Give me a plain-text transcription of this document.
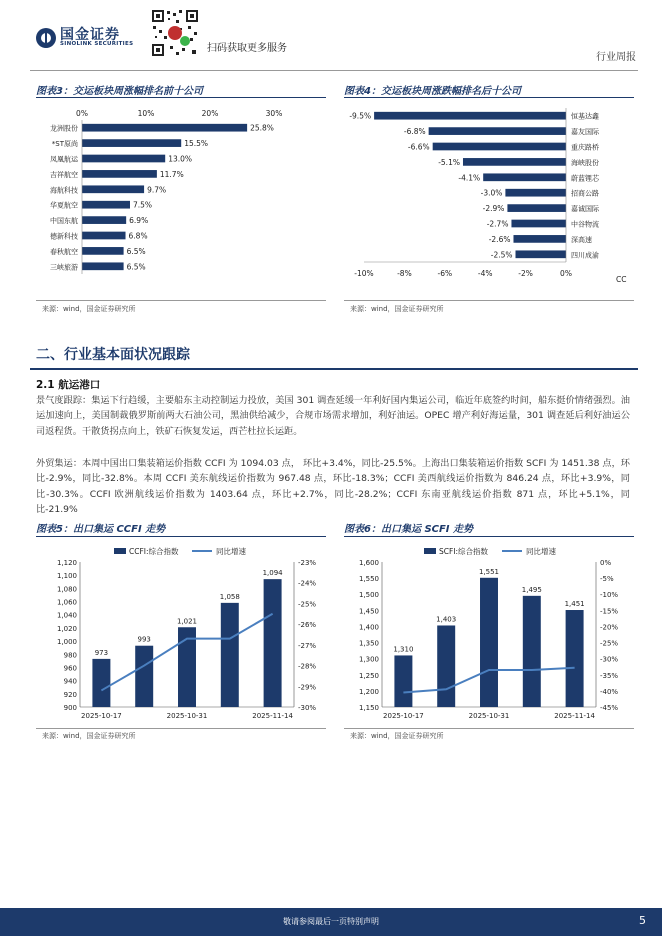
国金证券
SINOLINK SECURITIES	扫码获取更多服务
行业周报
图表3：交运板块周涨幅排名前十公司
0%	10%	20%	30%
25.8%
龙洲股份
15.5%
*ST原尚
13.0%
凤凰航运
11.7%
吉祥航空
9.7%
海航科技
7.5%
华夏航空
6.9%
中国东航
6.8%
德新科技
6.5%
春秋航空
6.5%
三峡旅游
来源：wind，国金证券研究所
图表4：交运板块周涨跌幅排名后十公司
-10%	-8%	-6%	-4%	-2%	0%
-9.5%	恒基达鑫
-6.8%	嘉友国际
-6.6%	重庆路桥
-5.1%	海峡股份
-4.1%	蔚蓝锂芯
-3.0%	招商公路
-2.9%	嘉诚国际
-2.7%	中谷物流
-2.6%	深高速
-2.5%	四川成渝
CC
来源：wind，国金证券研究所
二、行业基本面状况跟踪
2.1 航运港口
景气度跟踪：集运下行趋缓，主要船东主动控制运力投放，美国 301 调查延缓一年利好国内集运公司，临近年底签约时间，船东挺价情绪强烈。油运加速向上，美国制裁俄罗斯前两大石油公司，黑油供给减少，合规市场需求增加，利好油运。OPEC 增产利好海运量，301 调查延后利好油运公司返程货。干散货拐点向上，铁矿石恢复发运，西芒杜拉长运距。
外贸集运：本周中国出口集装箱运价指数 CCFI 为 1094.03 点， 环比+3.4%，同比-25.5%。上海出口集装箱运价指数 SCFI 为 1451.38 点，环比-2.9%，同比-32.8%。本周 CCFI 美东航线运价指数为 967.48 点，环比-18.3%；CCFI 美西航线运价指数为 846.24 点，环比+3.9%，同比-30.3%。CCFI 欧洲航线运价指数为 1403.64 点，环比+2.7%，同比-28.2%；CCFI 东南亚航线运价指数 871 点，环比+5.1%，同比-21.9%
图表5：出口集运 CCFI 走势
CCFI:综合指数	同比增速
900
920
940
960
980
1,000
1,020
1,040
1,060
1,080
1,100
1,120
-30%
-29%
-28%
-27%
-26%
-25%
-24%
-23%
973
993
1,021
1,058
1,094
2025-10-17	2025-10-31	2025-11-14
来源：wind，国金证券研究所
图表6：出口集运 SCFI 走势
SCFI:综合指数	同比增速
1,150
1,200
1,250
1,300
1,350
1,400
1,450
1,500
1,550
1,600
-45%
-40%
-35%
-30%
-25%
-20%
-15%
-10%
-5%
0%
1,310
1,403
1,551
1,495
1,451
2025-10-17	2025-10-31	2025-11-14
来源：wind，国金证券研究所
敬请参阅最后一页特别声明	5
